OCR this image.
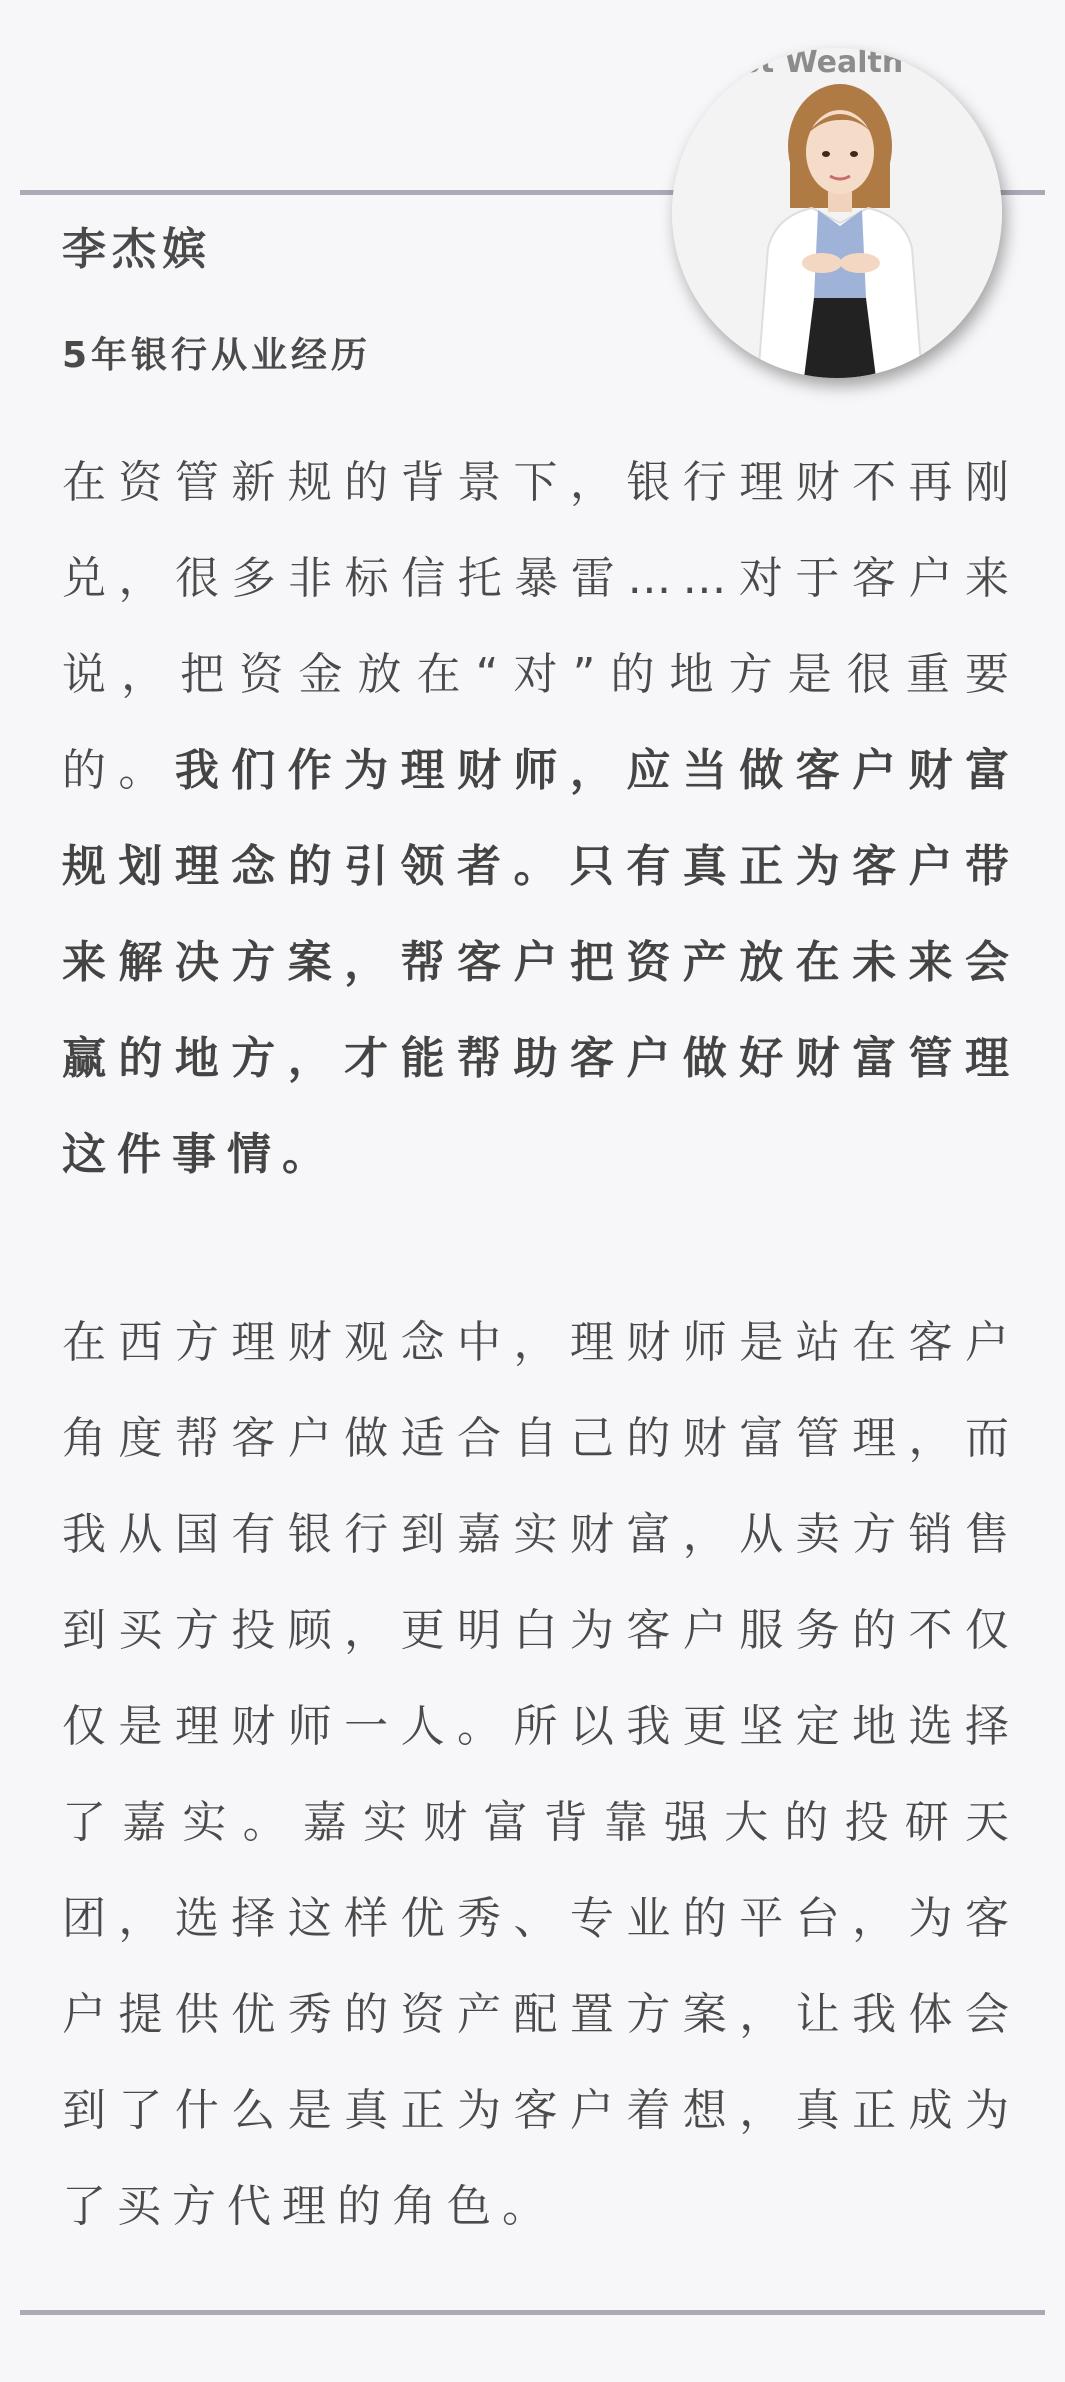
st Wealth
李杰嫔
5年银行从业经历

在资管新规的背景下，银行理财不再刚兑，很多非标信托暴雷……对于客户来说，把资金放在“对”的地方是很重要的。我们作为理财师，应当做客户财富规划理念的引领者。只有真正为客户带来解决方案，帮客户把资产放在未来会赢的地方，才能帮助客户做好财富管理这件事情。

在西方理财观念中，理财师是站在客户角度帮客户做适合自己的财富管理，而我从国有银行到嘉实财富，从卖方销售到买方投顾，更明白为客户服务的不仅仅是理财师一人。所以我更坚定地选择了嘉实。嘉实财富背靠强大的投研天团，选择这样优秀、专业的平台，为客户提供优秀的资产配置方案，让我体会到了什么是真正为客户着想，真正成为了买方代理的角色。
